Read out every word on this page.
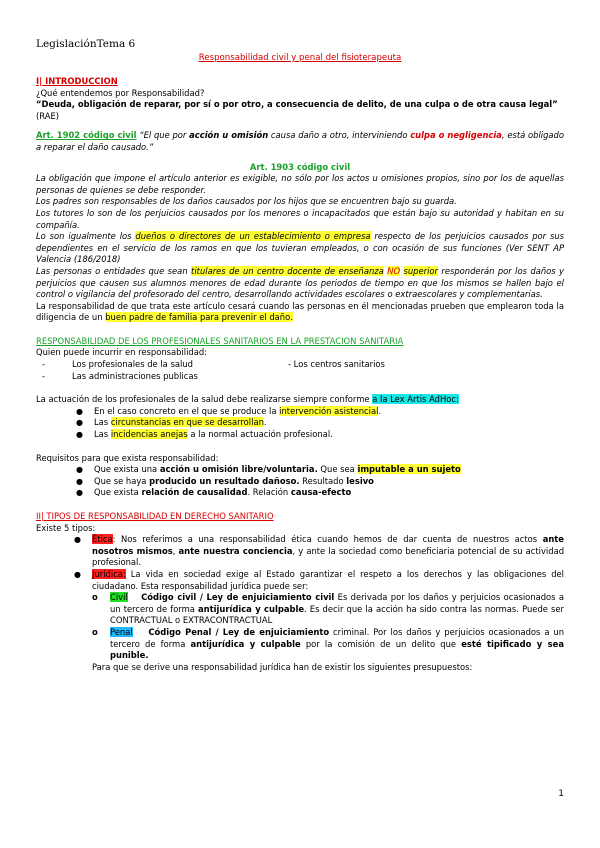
LegislaciónTema 6
Responsabilidad civil y penal del fisioterapeuta

I| INTRODUCCION

¿Qué entendemos por Responsabilidad?

“Deuda, obligación de reparar, por sí o por otro, a consecuencia de delito, de una culpa o de otra causa legal” (RAE)

Art. 1902 código civil “El que por acción u omisión causa daño a otro, interviniendo culpa o negligencia, está obligado a reparar el daño causado.”

Art. 1903 código civil

La obligación que impone el artículo anterior es exigible, no sólo por los actos u omisiones propios, sino por los de aquellas personas de quienes se debe responder.

Los padres son responsables de los daños causados por los hijos que se encuentren bajo su guarda.

Los tutores lo son de los perjuicios causados por los menores o incapacitados que están bajo su autoridad y habitan en su compañía.

Lo son igualmente los dueños o directores de un establecimiento o empresa respecto de los perjuicios causados por sus dependientes en el servicio de los ramos en que los tuvieran empleados, o con ocasión de sus funciones (Ver SENT AP Valencia (186/2018)

Las personas o entidades que sean titulares de un centro docente de enseñanza NO superior responderán por los daños y perjuicios que causen sus alumnos menores de edad durante los periodos de tiempo en que los mismos se hallen bajo el control o vigilancia del profesorado del centro, desarrollando actividades escolares o extraescolares y complementarias.

La responsabilidad de que trata este artículo cesará cuando las personas en él mencionadas prueben que emplearon toda la diligencia de un buen padre de familia para prevenir el daño.

RESPONSABILIDAD DE LOS PROFESIONALES SANITARIOS EN LA PRESTACION SANITARIA

Quien puede incurrir en responsabilidad:

- Los profesionales de la salud	- Los centros sanitarios
- Las administraciones publicas

La actuación de los profesionales de la salud debe realizarse siempre conforme a la Lex Artis AdHoc:

● En el caso concreto en el que se produce la intervención asistencial.
● Las circunstancias en que se desarrollan.
● Las incidencias anejas a la normal actuación profesional.

Requisitos para que exista responsabilidad:

● Que exista una acción u omisión libre/voluntaria. Que sea imputable a un sujeto
● Que se haya producido un resultado dañoso. Resultado lesivo
● Que exista relación de causalidad. Relación causa-efecto

II| TIPOS DE RESPONSABILIDAD EN DERECHO SANITARIO

Existe 5 tipos:

● Ética: Nos referimos a una responsabilidad ética cuando hemos de dar cuenta de nuestros actos ante nosotros mismos, ante nuestra conciencia, y ante la sociedad como beneficiaria potencial de su actividad profesional.
● Jurídica: La vida en sociedad exige al Estado garantizar el respeto a los derechos y las obligaciones del ciudadano. Esta responsabilidad jurídica puede ser:
o Civil Código civil / Ley de enjuiciamiento civil Es derivada por los daños y perjuicios ocasionados a un tercero de forma antijurídica y culpable. Es decir que la acción ha sido contra las normas. Puede ser CONTRACTUAL o EXTRACONTRACTUAL
o Penal Código Penal / Ley de enjuiciamiento criminal. Por los daños y perjuicios ocasionados a un tercero de forma antijurídica y culpable por la comisión de un delito que esté tipificado y sea punible.

Para que se derive una responsabilidad jurídica han de existir los siguientes presupuestos:

1
